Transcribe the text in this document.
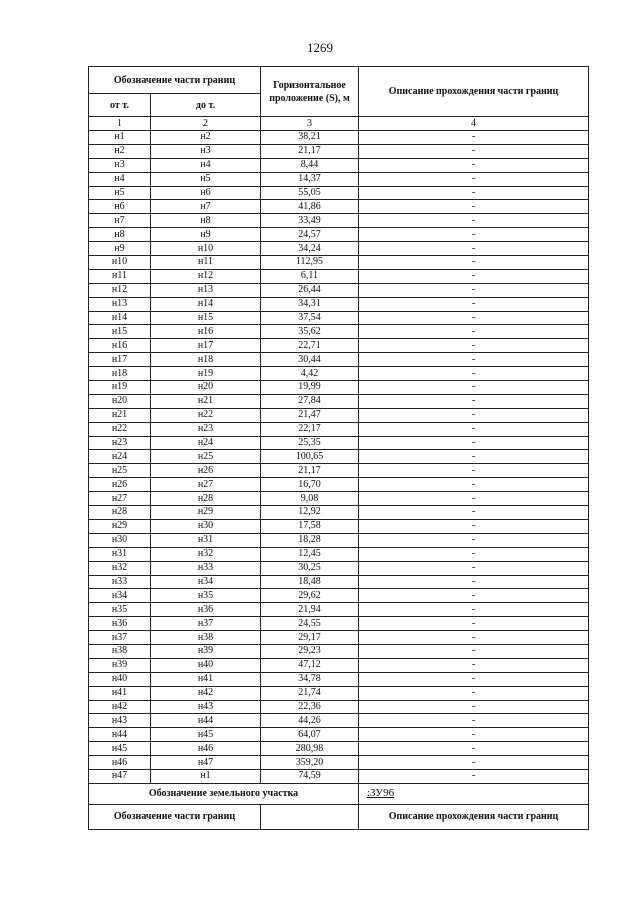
1269
Обозначение части границ		Горизонтальное проложение (S), м	Описание прохождения части границ
от т.	до т.		
1	2	3	4
н1	н2	38,21	-
н2	н3	21,17	-
н3	н4	8,44	-
н4	н5	14,37	-
н5	н6	55,05	-
н6	н7	41,86	-
н7	н8	33,49	-
н8	н9	24,57	-
н9	н10	34,24	-
н10	н11	112,95	-
н11	н12	6,11	-
н12	н13	26,44	-
н13	н14	34,31	-
н14	н15	37,54	-
н15	н16	35,62	-
н16	н17	22,71	-
н17	н18	30,44	-
н18	н19	4,42	-
н19	н20	19,99	-
н20	н21	27,84	-
н21	н22	21,47	-
н22	н23	22,17	-
н23	н24	25,35	-
н24	н25	100,65	-
н25	н26	21,17	-
н26	н27	16,70	-
н27	н28	9,08	-
н28	н29	12,92	-
н29	н30	17,58	-
н30	н31	18,28	-
н31	н32	12,45	-
н32	н33	30,25	-
н33	н34	18,48	-
н34	н35	29,62	-
н35	н36	21,94	-
н36	н37	24,55	-
н37	н38	29,17	-
н38	н39	29,23	-
н39	н40	47,12	-
н40	н41	34,78	-
н41	н42	21,74	-
н42	н43	22,36	-
н43	н44	44,26	-
н44	н45	64,07	-
н45	н46	280,98	-
н46	н47	359,20	-
н47	н1	74,59	-
Обозначение земельного участка			:ЗУ96
Обозначение части границ			Описание прохождения части границ
